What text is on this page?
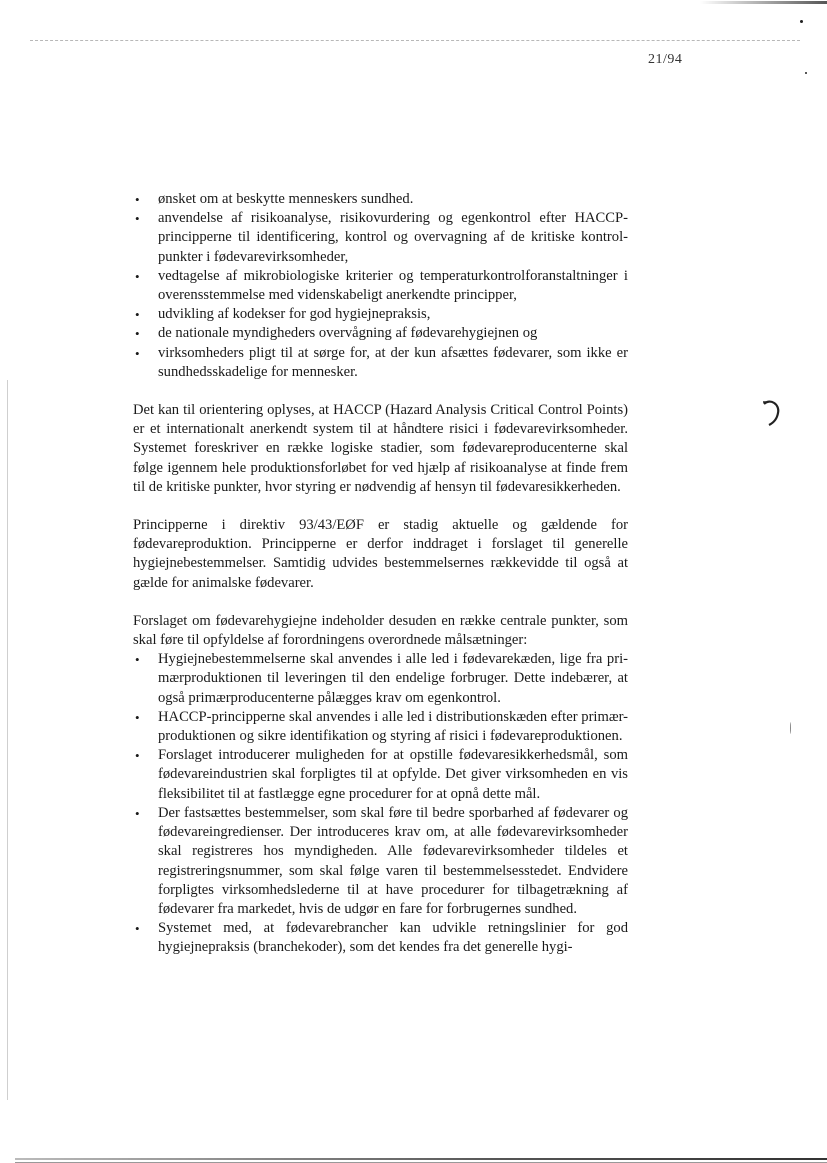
21/94
• ønsket om at beskytte menneskers sundhed.
• anvendelse af risikoanalyse, risikovurdering og egenkontrol efter HACCP-principperne til identificering, kontrol og overvagning af de kritiske kontrol-punkter i fødevarevirksomheder,
• vedtagelse af mikrobiologiske kriterier og temperaturkontrolforanstaltninger i overensstemmelse med videnskabeligt anerkendte principper,
• udvikling af kodekser for god hygiejnepraksis,
• de nationale myndigheders overvågning af fødevarehygiejnen og
• virksomheders pligt til at sørge for, at der kun afsættes fødevarer, som ikke er sundhedsskadelige for mennesker.

Det kan til orientering oplyses, at HACCP (Hazard Analysis Critical Control Points) er et internationalt anerkendt system til at håndtere risici i fødevarevirksomheder. Systemet foreskriver en række logiske stadier, som fødevareproducenterne skal følge igennem hele produktionsforløbet for ved hjælp af risikoanalyse at finde frem til de kritiske punkter, hvor styring er nødvendig af hensyn til fødevaresikkerheden.

Principperne i direktiv 93/43/EØF er stadig aktuelle og gældende for fødevareproduktion. Principperne er derfor inddraget i forslaget til generelle hygiejnebestemmelser. Samtidig udvides bestemmelsernes rækkevidde til også at gælde for animalske fødevarer.

Forslaget om fødevarehygiejne indeholder desuden en række centrale punkter, som skal føre til opfyldelse af forordningens overordnede målsætninger:

• Hygiejnebestemmelserne skal anvendes i alle led i fødevarekæden, lige fra pri-mærproduktionen til leveringen til den endelige forbruger. Dette indebærer, at også primærproducenterne pålægges krav om egenkontrol.
• HACCP-principperne skal anvendes i alle led i distributionskæden efter primær-produktionen og sikre identifikation og styring af risici i fødevareproduktionen.
• Forslaget introducerer muligheden for at opstille fødevaresikkerhedsmål, som fødevareindustrien skal forpligtes til at opfylde. Det giver virksomheden en vis fleksibilitet til at fastlægge egne procedurer for at opnå dette mål.
• Der fastsættes bestemmelser, som skal føre til bedre sporbarhed af fødevarer og fødevareingredienser. Der introduceres krav om, at alle fødevarevirksomheder skal registreres hos myndigheden. Alle fødevarevirksomheder tildeles et registreringsnummer, som skal følge varen til bestemmelsesstedet. Endvidere forpligtes virksomhedslederne til at have procedurer for tilbagetrækning af fødevarer fra markedet, hvis de udgør en fare for forbrugernes sundhed.
• Systemet med, at fødevarebrancher kan udvikle retningslinier for god hygiejnepraksis (branchekoder), som det kendes fra det generelle hygi-
